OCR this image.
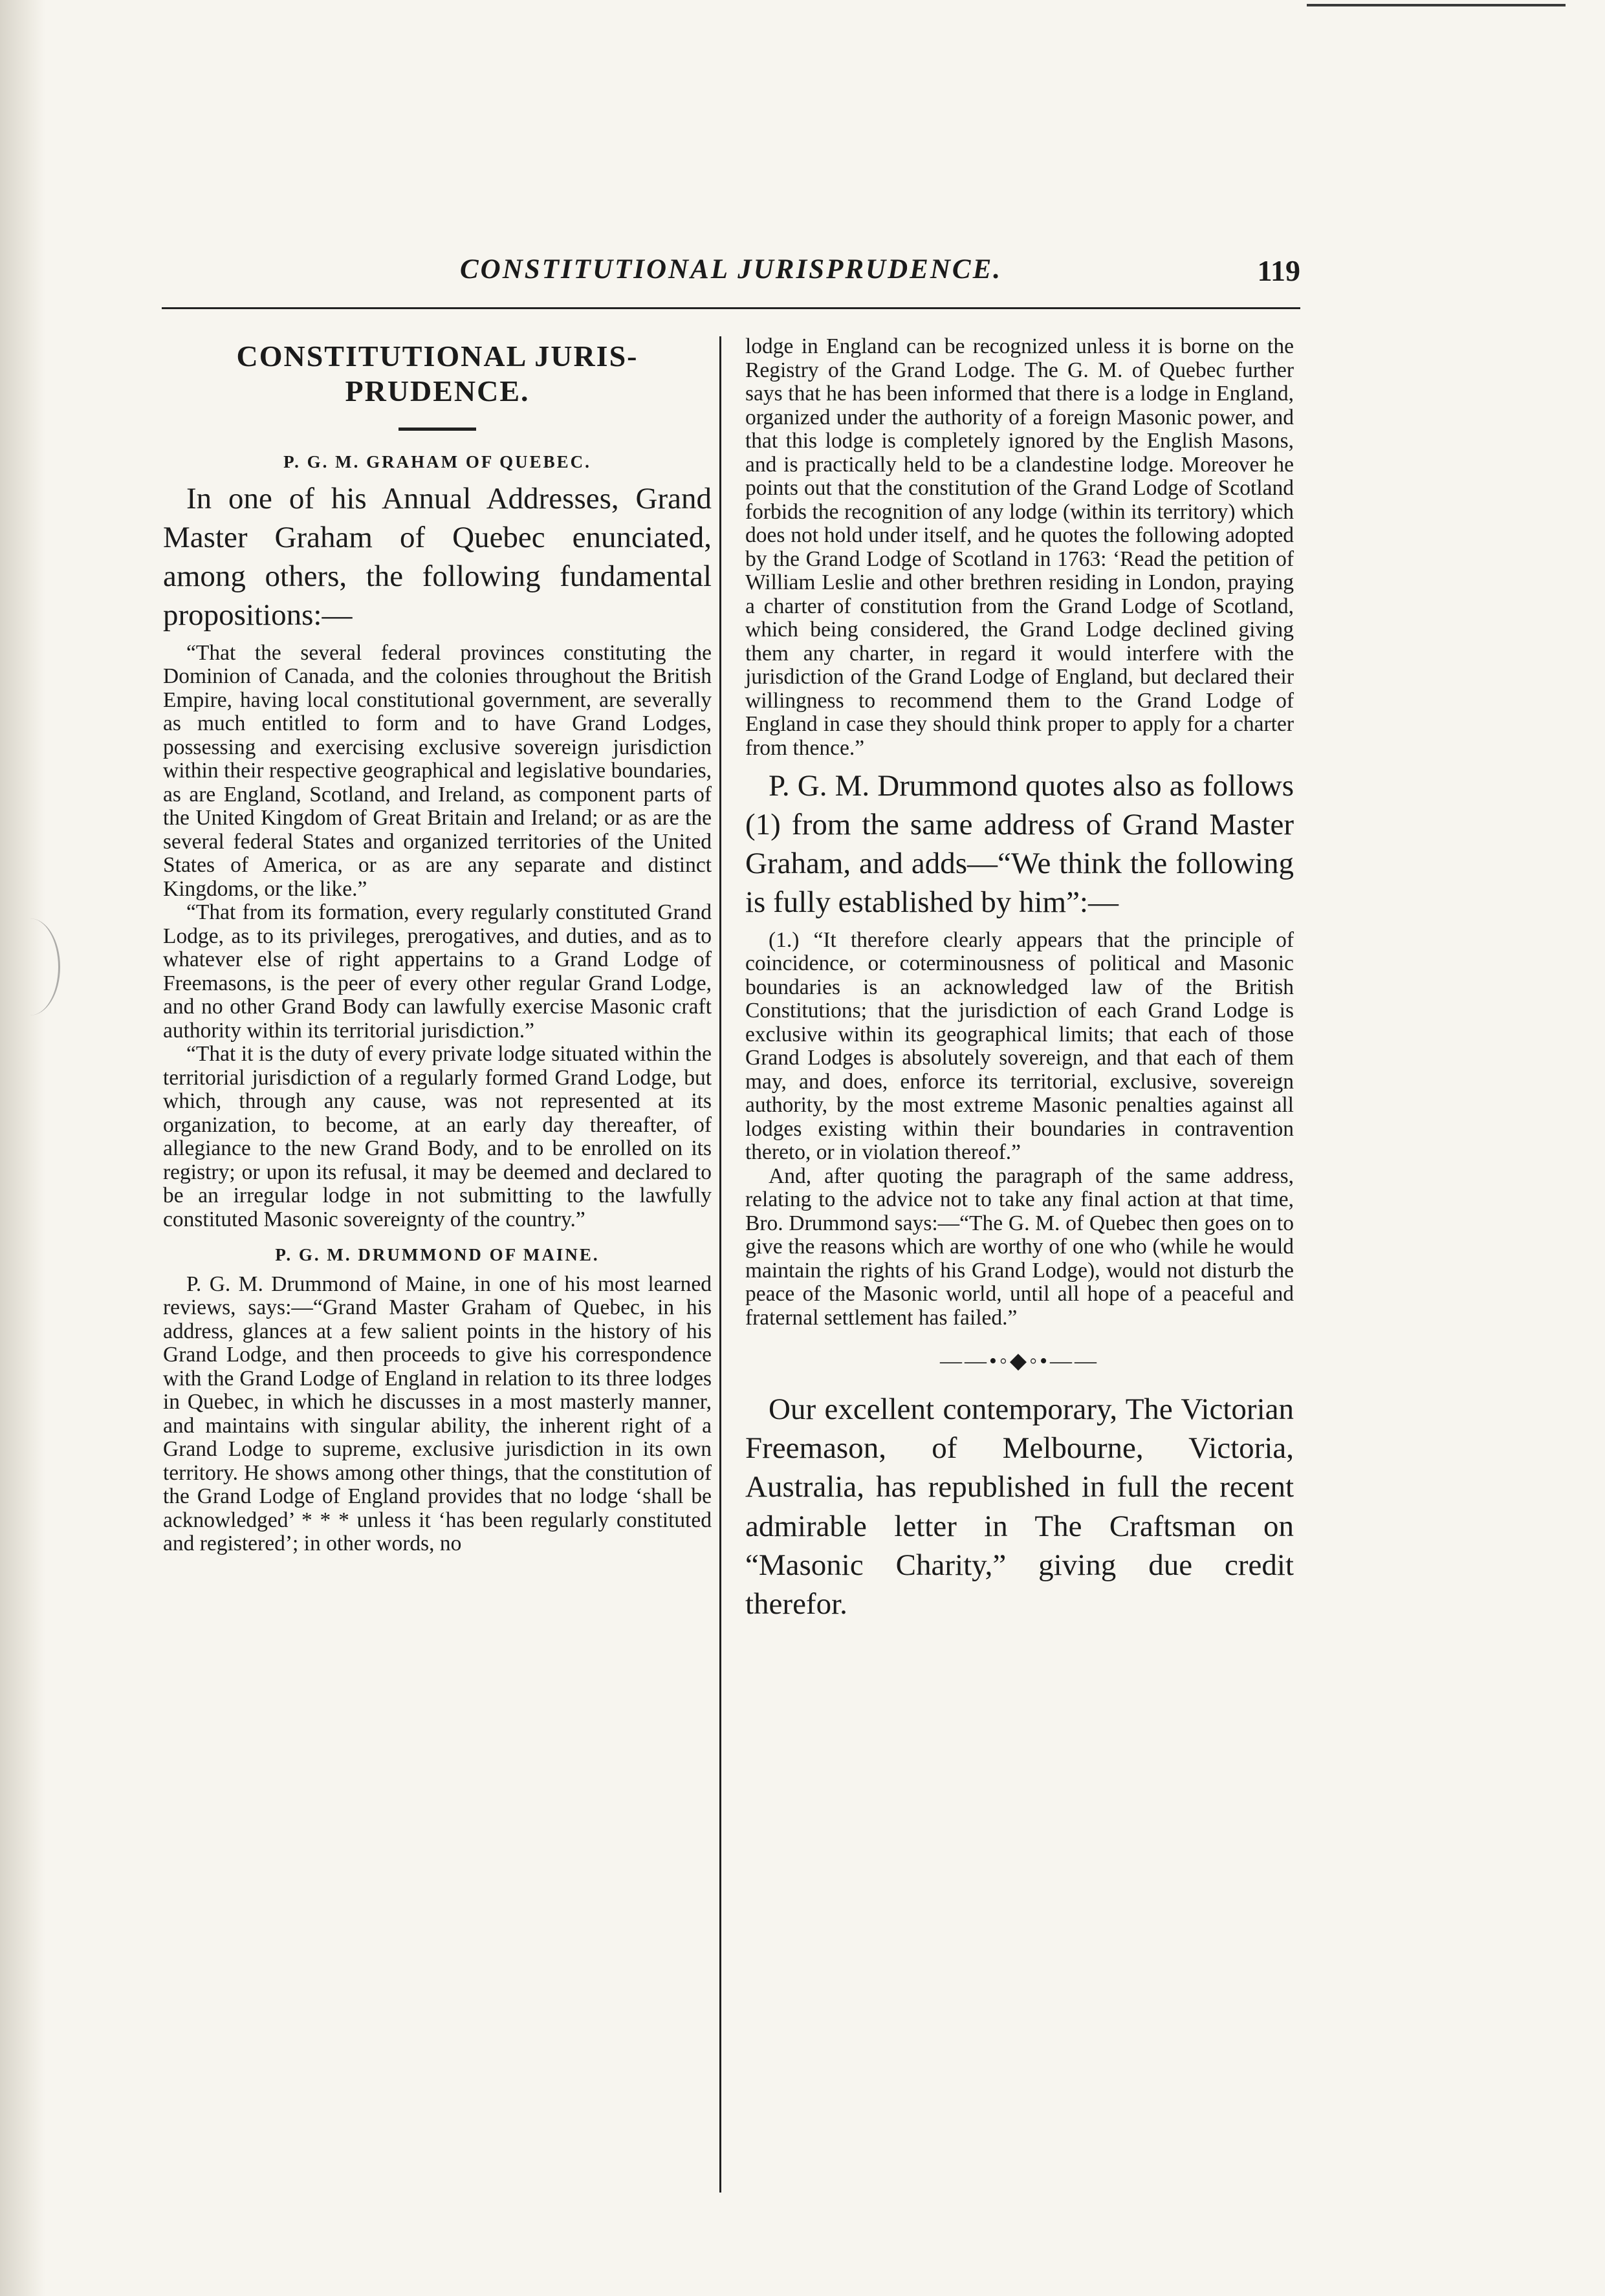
CONSTITUTIONAL JURISPRUDENCE.	119
CONSTITUTIONAL JURIS-PRUDENCE.
P. G. M. GRAHAM OF QUEBEC.

In one of his Annual Addresses, Grand Master Graham of Quebec enunciated, among others, the following fundamental propositions:—

“That the several federal provinces constituting the Dominion of Canada, and the colonies throughout the British Empire, having local constitutional government, are severally as much entitled to form and to have Grand Lodges, possessing and exercising exclusive sovereign jurisdiction within their respective geographical and legislative boundaries, as are England, Scotland, and Ireland, as component parts of the United Kingdom of Great Britain and Ireland; or as are the several federal States and organized territories of the United States of America, or as are any separate and distinct Kingdoms, or the like.”

“That from its formation, every regularly constituted Grand Lodge, as to its privileges, prerogatives, and duties, and as to whatever else of right appertains to a Grand Lodge of Freemasons, is the peer of every other regular Grand Lodge, and no other Grand Body can lawfully exercise Masonic craft authority within its territorial jurisdiction.”

“That it is the duty of every private lodge situated within the territorial jurisdiction of a regularly formed Grand Lodge, but which, through any cause, was not represented at its organization, to become, at an early day thereafter, of allegiance to the new Grand Body, and to be enrolled on its registry; or upon its refusal, it may be deemed and declared to be an irregular lodge in not submitting to the lawfully constituted Masonic sovereignty of the country.”

P. G. M. DRUMMOND OF MAINE.

P. G. M. Drummond of Maine, in one of his most learned reviews, says:—“Grand Master Graham of Quebec, in his address, glances at a few salient points in the history of his Grand Lodge, and then proceeds to give his correspondence with the Grand Lodge of England in relation to its three lodges in Quebec, in which he discusses in a most masterly manner, and maintains with singular ability, the inherent right of a Grand Lodge to supreme, exclusive jurisdiction in its own territory. He shows among other things, that the constitution of the Grand Lodge of England provides that no lodge ‘shall be acknowledged’ * * * unless it ‘has been regularly constituted and registered’; in other words, no

lodge in England can be recognized unless it is borne on the Registry of the Grand Lodge. The G. M. of Quebec further says that he has been informed that there is a lodge in England, organized under the authority of a foreign Masonic power, and that this lodge is completely ignored by the English Masons, and is practically held to be a clandestine lodge. Moreover he points out that the constitution of the Grand Lodge of Scotland forbids the recognition of any lodge (within its territory) which does not hold under itself, and he quotes the following adopted by the Grand Lodge of Scotland in 1763: ‘Read the petition of William Leslie and other brethren residing in London, praying a charter of constitution from the Grand Lodge of Scotland, which being considered, the Grand Lodge declined giving them any charter, in regard it would interfere with the jurisdiction of the Grand Lodge of England, but declared their willingness to recommend them to the Grand Lodge of England in case they should think proper to apply for a charter from thence.”

P. G. M. Drummond quotes also as follows (1) from the same address of Grand Master Graham, and adds—“We think the following is fully established by him”:—

(1.) “It therefore clearly appears that the principle of coincidence, or coterminousness of political and Masonic boundaries is an acknowledged law of the British Constitutions; that the jurisdiction of each Grand Lodge is exclusive within its geographical limits; that each of those Grand Lodges is absolutely sovereign, and that each of them may, and does, enforce its territorial, exclusive, sovereign authority, by the most extreme Masonic penalties against all lodges existing within their boundaries in contravention thereto, or in violation thereof.”

And, after quoting the paragraph of the same address, relating to the advice not to take any final action at that time, Bro. Drummond says:—“The G. M. of Quebec then goes on to give the reasons which are worthy of one who (while he would maintain the rights of his Grand Lodge), would not disturb the peace of the Masonic world, until all hope of a peaceful and fraternal settlement has failed.”

——•◦◆◦•——

Our excellent contemporary, The Victorian Freemason, of Melbourne, Victoria, Australia, has republished in full the recent admirable letter in The Craftsman on “Masonic Charity,” giving due credit therefor.
